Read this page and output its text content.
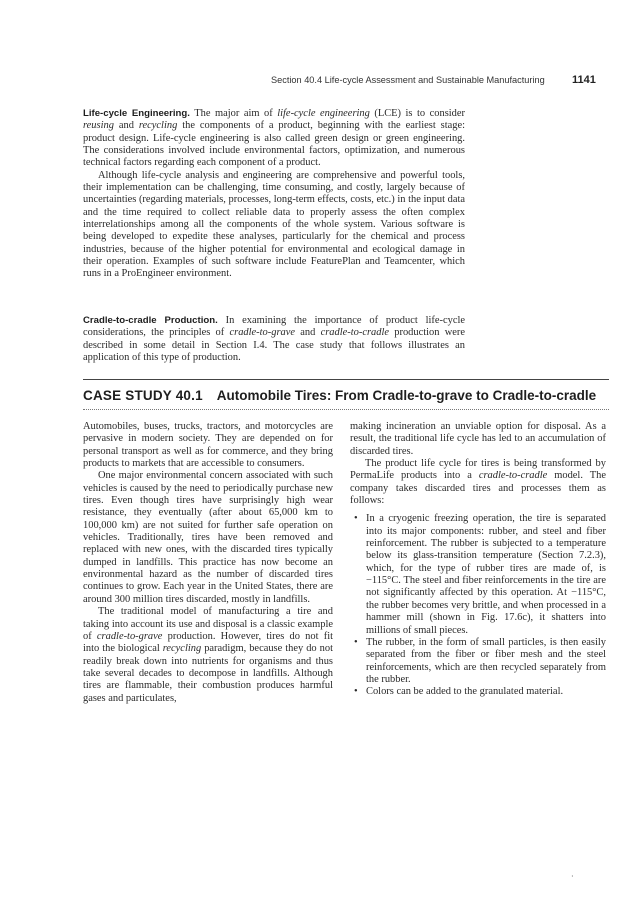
Section 40.4 Life-cycle Assessment and Sustainable Manufacturing 1141

Life-cycle Engineering. The major aim of life-cycle engineering (LCE) is to consider reusing and recycling the components of a product, beginning with the earliest stage: product design. Life-cycle engineering is also called green design or green engineering. The considerations involved include environmental factors, optimization, and numerous technical factors regarding each component of a product.

Although life-cycle analysis and engineering are comprehensive and powerful tools, their implementation can be challenging, time consuming, and costly, largely because of uncertainties (regarding materials, processes, long-term effects, costs, etc.) in the input data and the time required to collect reliable data to properly assess the often complex interrelationships among all the components of the whole system. Various software is being developed to expedite these analyses, particularly for the chemical and process industries, because of the higher potential for environmental and ecological damage in their operation. Examples of such software include FeaturePlan and Teamcenter, which runs in a ProEngineer environment.

Cradle-to-cradle Production. In examining the importance of product life-cycle considerations, the principles of cradle-to-grave and cradle-to-cradle production were described in some detail in Section I.4. The case study that follows illustrates an application of this type of production.

CASE STUDY 40.1 Automobile Tires: From Cradle-to-grave to Cradle-to-cradle

Automobiles, buses, trucks, tractors, and motorcycles are pervasive in modern society. They are depended on for personal transport as well as for commerce, and they bring products to markets that are accessible to consumers.

One major environmental concern associated with such vehicles is caused by the need to periodically purchase new tires. Even though tires have surprisingly high wear resistance, they eventually (after about 65,000 km to 100,000 km) are not suited for further safe operation on vehicles. Traditionally, tires have been removed and replaced with new ones, with the discarded tires typically dumped in landfills. This practice has now become an environmental hazard as the number of discarded tires continues to grow. Each year in the United States, there are around 300 million tires discarded, mostly in landfills.

The traditional model of manufacturing a tire and taking into account its use and disposal is a classic example of cradle-to-grave production. However, tires do not fit into the biological recycling paradigm, because they do not readily break down into nutrients for organisms and thus take several decades to decompose in landfills. Although tires are flammable, their combustion produces harmful gases and particulates,

making incineration an unviable option for disposal. As a result, the traditional life cycle has led to an accumulation of discarded tires.

The product life cycle for tires is being transformed by PermaLife products into a cradle-to-cradle model. The company takes discarded tires and processes them as follows:

• In a cryogenic freezing operation, the tire is separated into its major components: rubber, and steel and fiber reinforcement. The rubber is subjected to a temperature below its glass-transition temperature (Section 7.2.3), which, for the type of rubber tires are made of, is −115°C. The steel and fiber reinforcements in the tire are not significantly affected by this operation. At −115°C, the rubber becomes very brittle, and when processed in a hammer mill (shown in Fig. 17.6c), it shatters into millions of small pieces.
• The rubber, in the form of small particles, is then easily separated from the fiber or fiber mesh and the steel reinforcements, which are then recycled separately from the rubber.
• Colors can be added to the granulated material.
·
